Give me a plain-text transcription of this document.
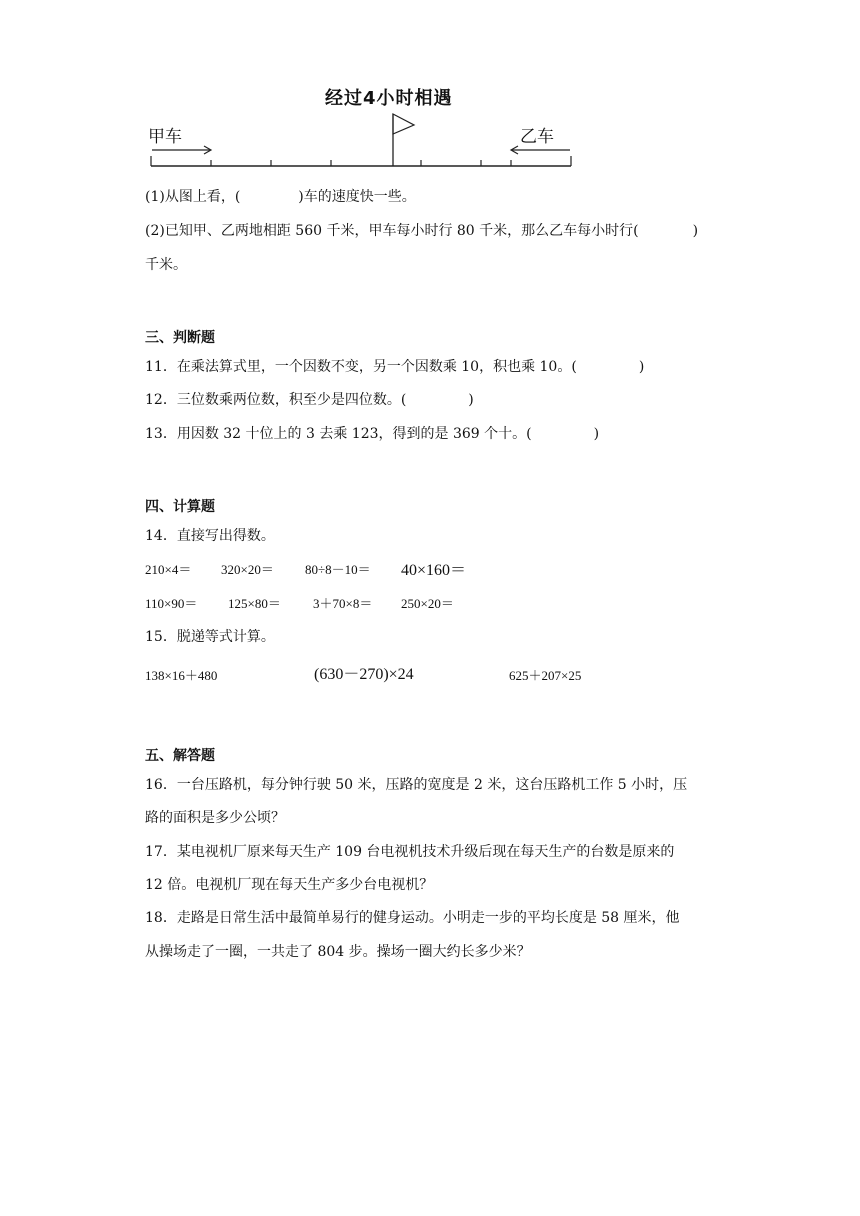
经过4小时相遇
甲车	乙车
(1)从图上看，(	)车的速度快一些。
(2)已知甲、乙两地相距 560 千米，甲车每小时行 80 千米，那么乙车每小时行(	)
千米。
三、判断题
11．在乘法算式里，一个因数不变，另一个因数乘 10，积也乘 10。(	)
12．三位数乘两位数，积至少是四位数。(	)
13．用因数 32 十位上的 3 去乘 123，得到的是 369 个十。(	)
四、计算题
14．直接写出得数。
210×4＝ 320×20＝ 80÷8－10＝ 40×160＝
110×90＝ 125×80＝ 3＋70×8＝ 250×20＝
15．脱递等式计算。
138×16＋480	(630－270)×24	625＋207×25
五、解答题
16．一台压路机，每分钟行驶 50 米，压路的宽度是 2 米，这台压路机工作 5 小时，压
路的面积是多少公顷？
17．某电视机厂原来每天生产 109 台电视机技术升级后现在每天生产的台数是原来的
12 倍。电视机厂现在每天生产多少台电视机？
18．走路是日常生活中最简单易行的健身运动。小明走一步的平均长度是 58 厘米，他
从操场走了一圈，一共走了 804 步。操场一圈大约长多少米？
